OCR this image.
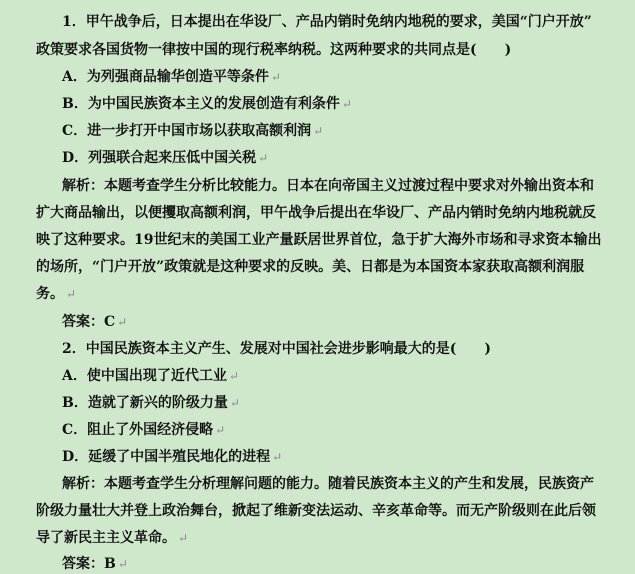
1．甲午战争后，日本提出在华设厂、产品内销时免纳内地税的要求，美国“门户开放”
政策要求各国货物一律按中国的现行税率纳税。这两种要求的共同点是(　　)
A．为列强商品输华创造平等条件 ↵
B．为中国民族资本主义的发展创造有利条件 ↵
C．进一步打开中国市场以获取高额利润 ↵
D．列强联合起来压低中国关税 ↵
解析：本题考查学生分析比较能力。日本在向帝国主义过渡过程中要求对外输出资本和
扩大商品输出，以便攫取高额利润，甲午战争后提出在华设厂、产品内销时免纳内地税就反
映了这种要求。19世纪末的美国工业产量跃居世界首位，急于扩大海外市场和寻求资本输出
的场所，“门户开放”政策就是这种要求的反映。美、日都是为本国资本家获取高额利润服
务。 ↵
答案：C ↵
2．中国民族资本主义产生、发展对中国社会进步影响最大的是(　　)
A．使中国出现了近代工业 ↵
B．造就了新兴的阶级力量 ↵
C．阻止了外国经济侵略 ↵
D．延缓了中国半殖民地化的进程 ↵
解析：本题考查学生分析理解问题的能力。随着民族资本主义的产生和发展，民族资产
阶级力量壮大并登上政治舞台，掀起了维新变法运动、辛亥革命等。而无产阶级则在此后领
导了新民主主义革命。 ↵
答案：B ↵
